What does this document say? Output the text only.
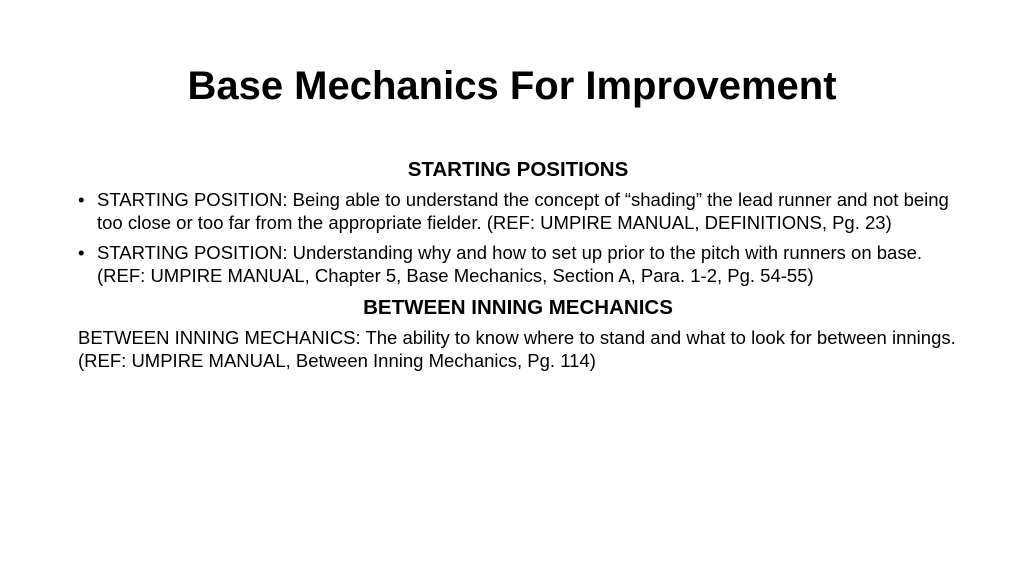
Base Mechanics For Improvement
STARTING POSITIONS
• STARTING POSITION: Being able to understand the concept of “shading” the lead runner and not being too close or too far from the appropriate fielder. (REF: UMPIRE MANUAL, DEFINITIONS, Pg. 23)
• STARTING POSITION: Understanding why and how to set up prior to the pitch with runners on base. (REF: UMPIRE MANUAL, Chapter 5, Base Mechanics, Section A, Para. 1-2, Pg. 54-55)
BETWEEN INNING MECHANICS

BETWEEN INNING MECHANICS: The ability to know where to stand and what to look for between innings. (REF: UMPIRE MANUAL, Between Inning Mechanics, Pg. 114)
